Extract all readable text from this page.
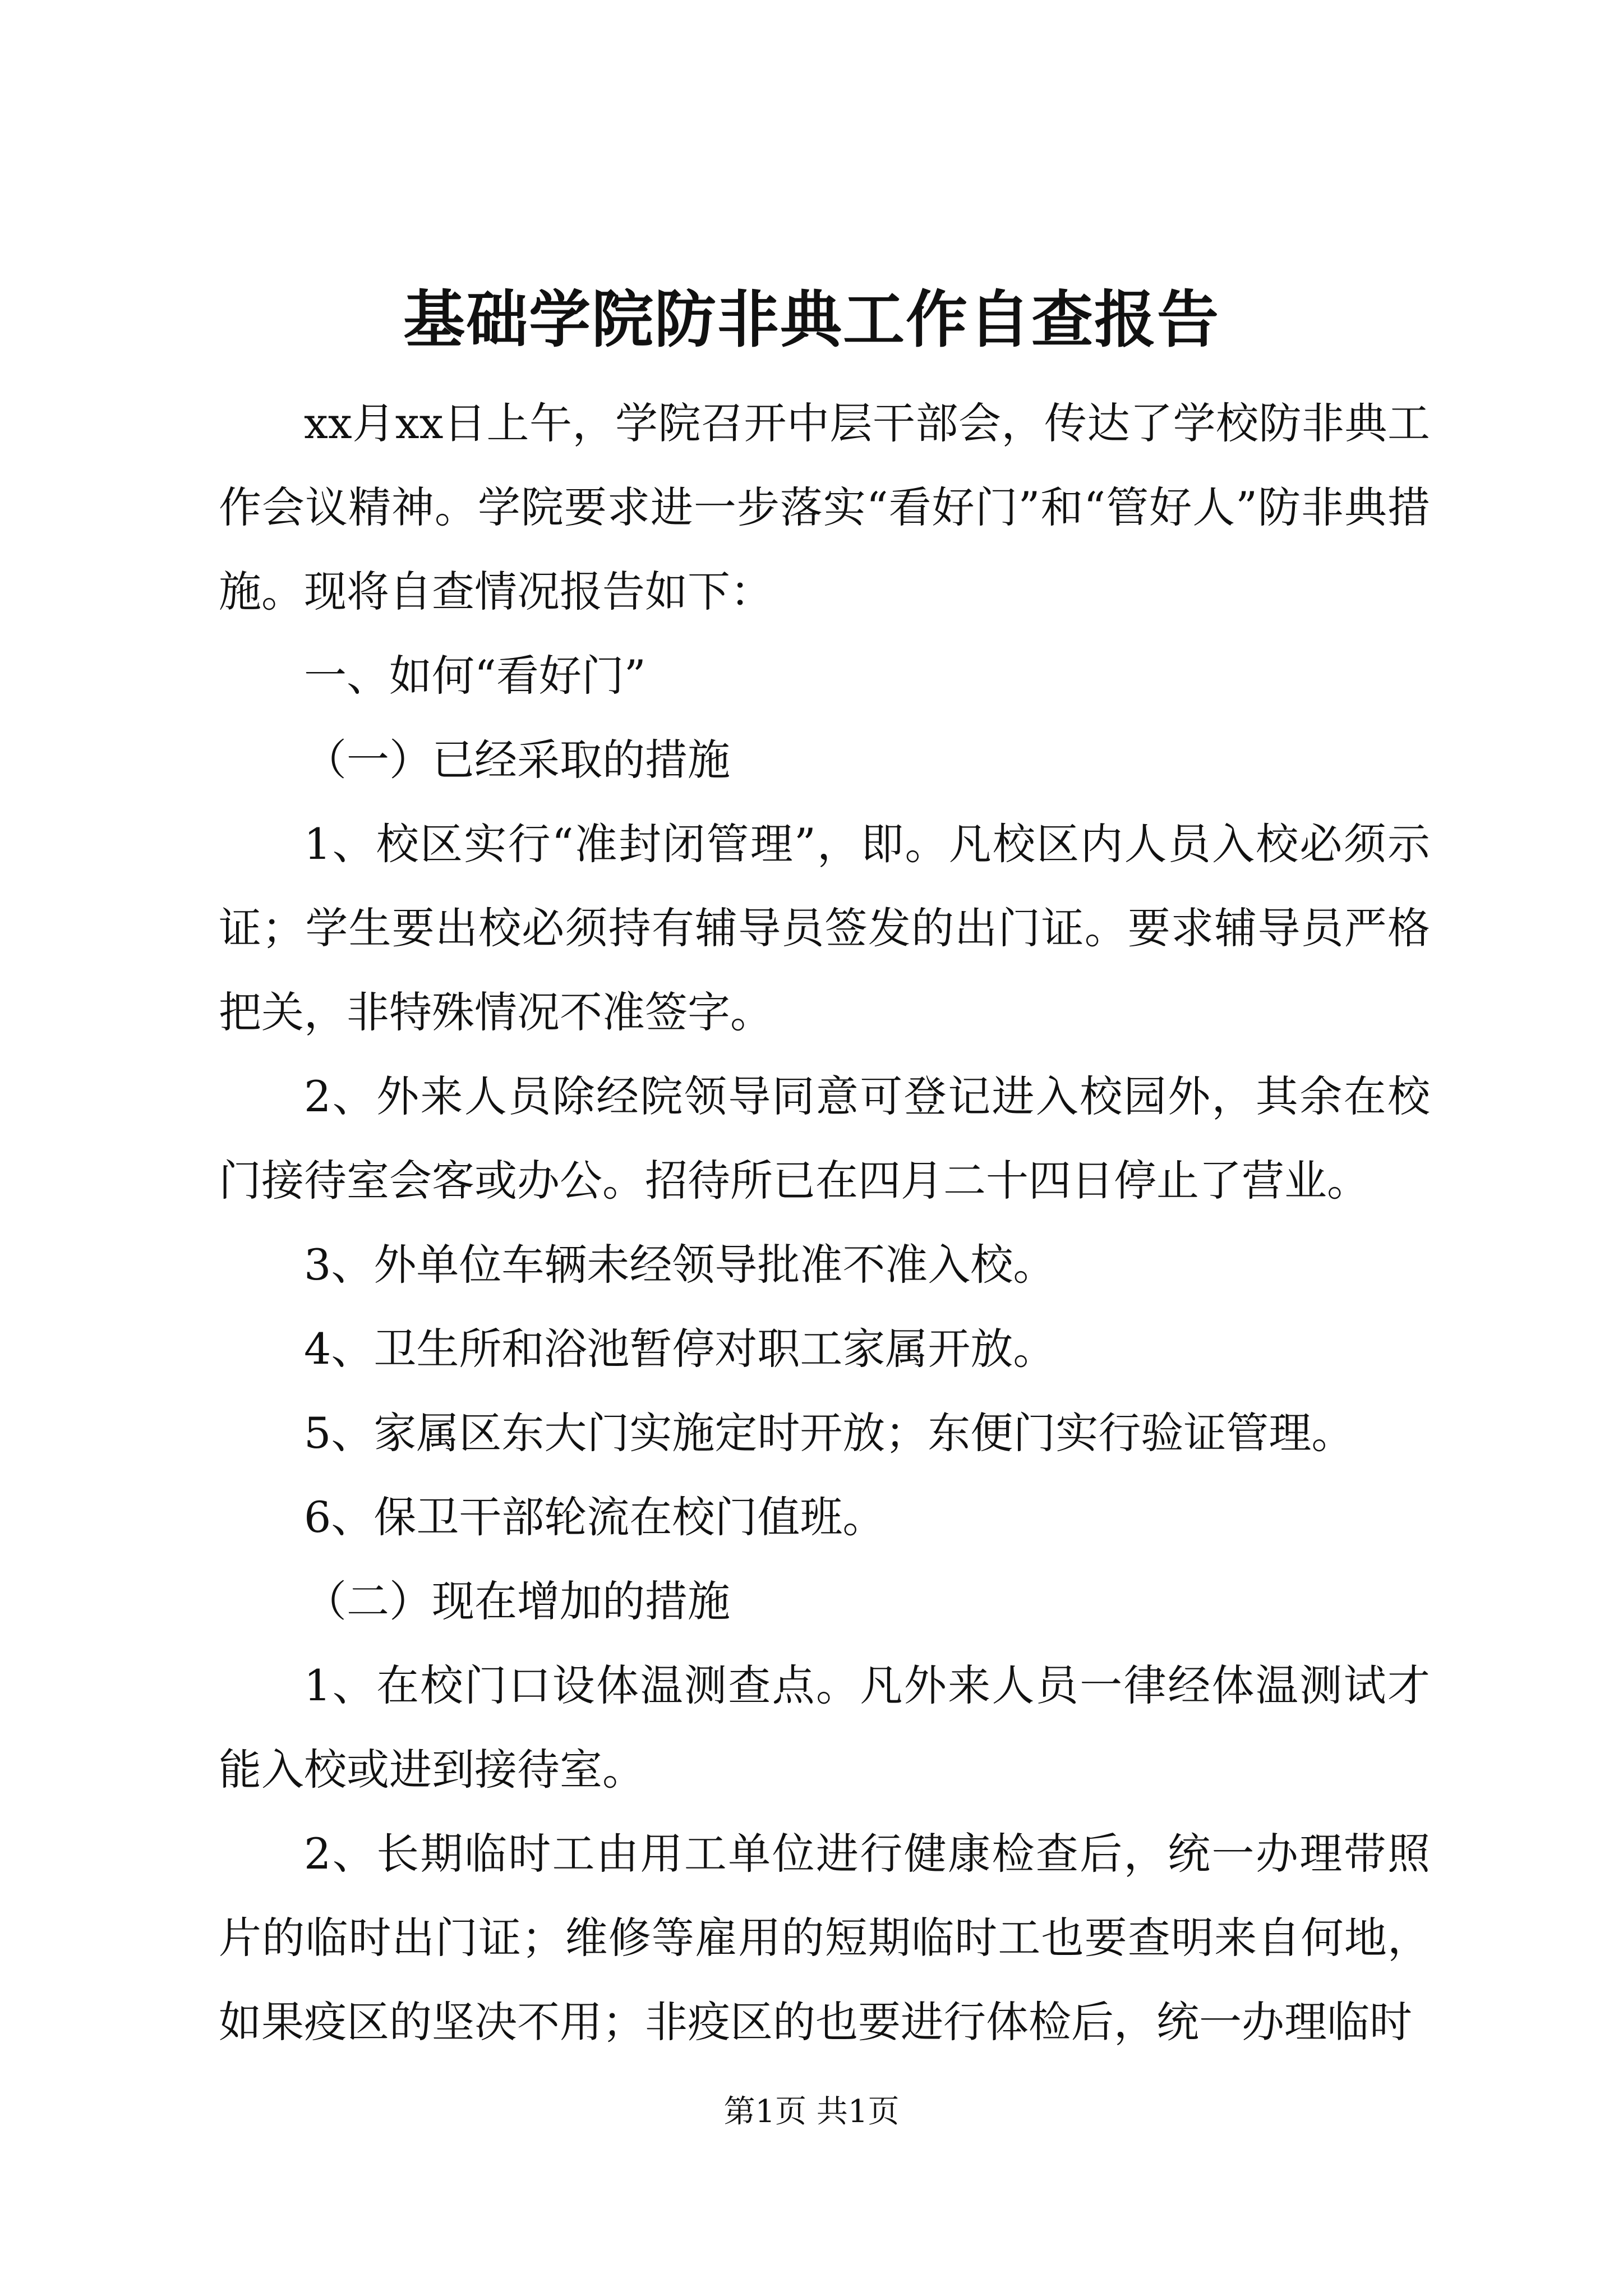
基础学院防非典工作自查报告

xx月xx日上午，学院召开中层干部会，传达了学校防非典工作会议精神。学院要求进一步落实“看好门”和“管好人”防非典措施。现将自查情况报告如下：

一、如何“看好门”

（一）已经采取的措施

1、校区实行“准封闭管理”，即。凡校区内人员入校必须示证；学生要出校必须持有辅导员签发的出门证。要求辅导员严格把关，非特殊情况不准签字。

2、外来人员除经院领导同意可登记进入校园外，其余在校门接待室会客或办公。招待所已在四月二十四日停止了营业。

3、外单位车辆未经领导批准不准入校。

4、卫生所和浴池暂停对职工家属开放。

5、家属区东大门实施定时开放；东便门实行验证管理。

6、保卫干部轮流在校门值班。

（二）现在增加的措施

1、在校门口设体温测查点。凡外来人员一律经体温测试才能入校或进到接待室。

2、长期临时工由用工单位进行健康检查后，统一办理带照片的临时出门证；维修等雇用的短期临时工也要查明来自何地，如果疫区的坚决不用；非疫区的也要进行体检后，统一办理临时

第1页 共1页
